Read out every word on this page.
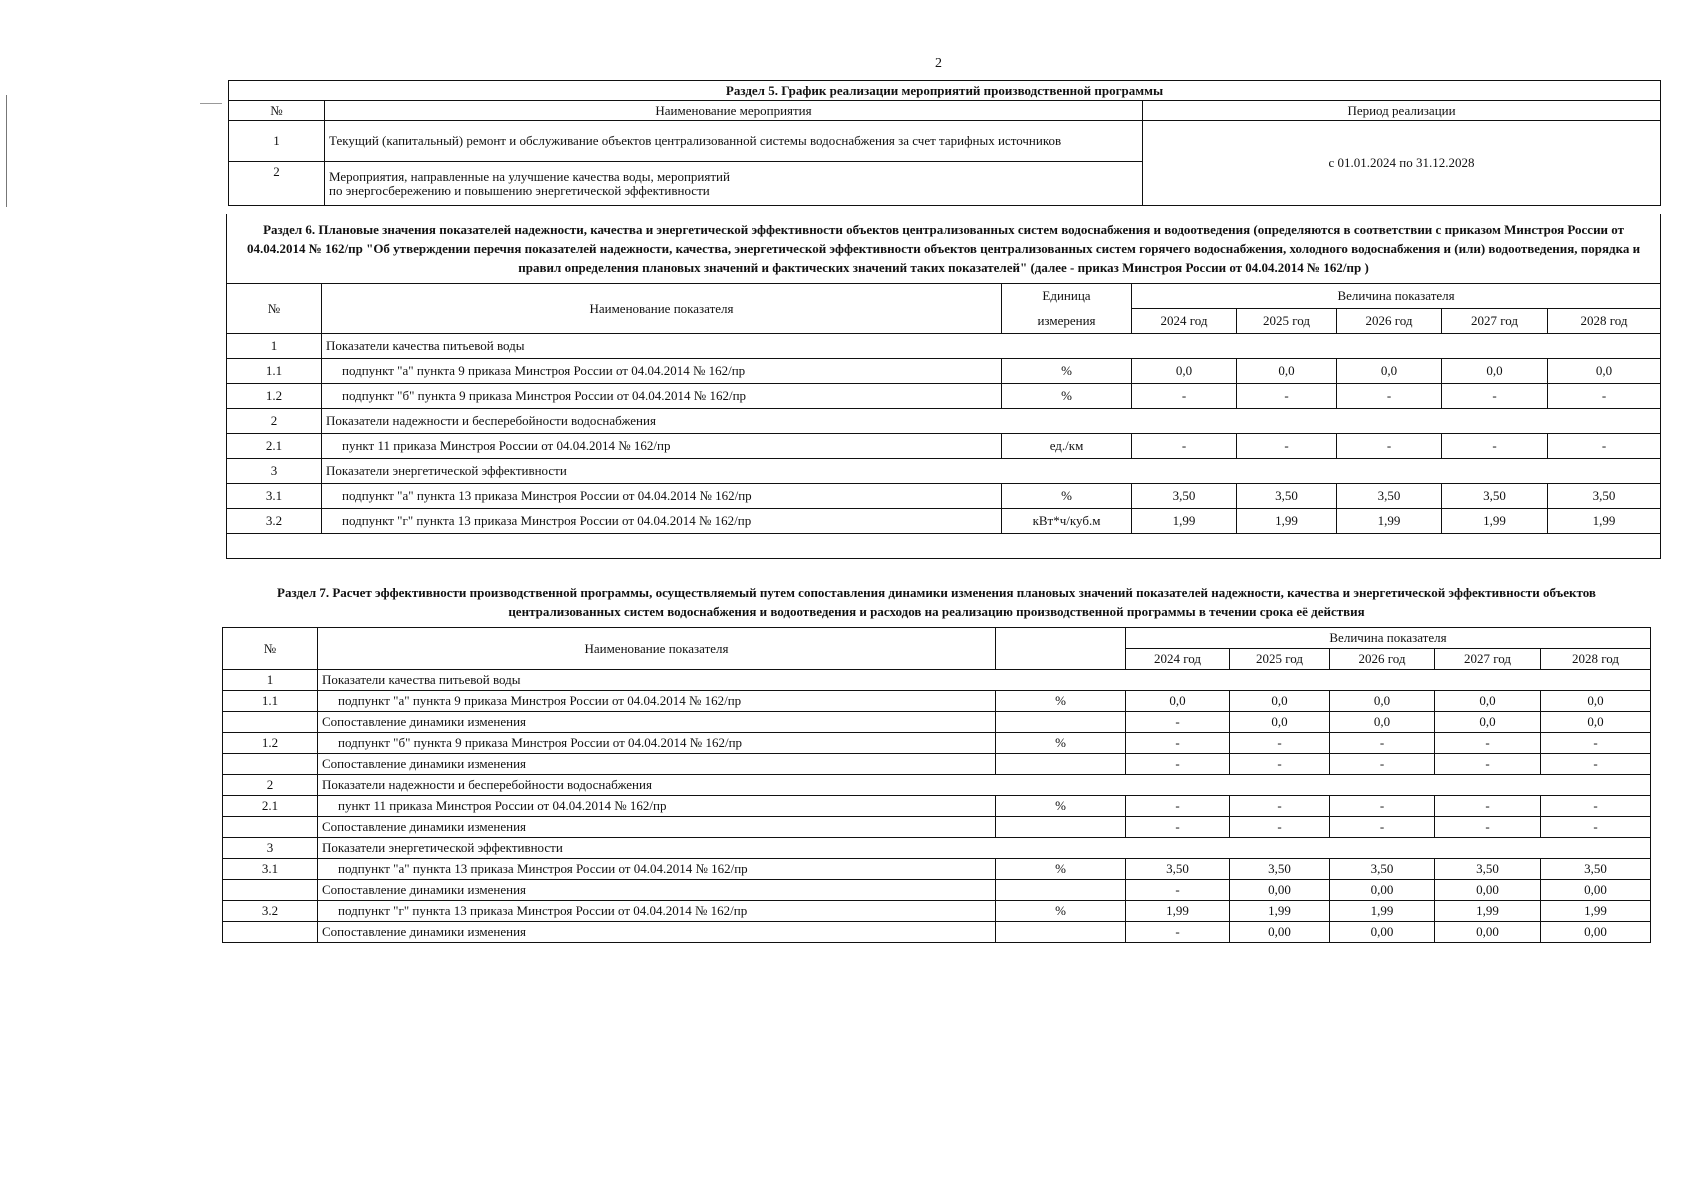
2
Раздел 5. График реализации мероприятий производственной программы		
№	Наименование мероприятия	Период реализации
1	Текущий (капитальный) ремонт и обслуживание объектов централизованной системы водоснабжения за счет тарифных источников	с 01.01.2024 по 31.12.2028
2	Мероприятия, направленные на улучшение качества воды, мероприятий
по энергосбережению и повышению энергетической эффективности	
Раздел 6. Плановые значения показателей надежности, качества и энергетической эффективности объектов централизованных систем водоснабжения и водоотведения (определяются в соответствии с приказом Минстроя России от 04.04.2014 № 162/пр "Об утверждении перечня показателей надежности, качества, энергетической эффективности объектов централизованных систем горячего водоснабжения, холодного водоснабжения и (или) водоотведения, порядка и правил определения плановых значений и фактических значений таких показателей" (далее - приказ Минстроя России от 04.04.2014 № 162/пр )								
№	Наименование показателя	Единица	Величина показателя					
		измерения	2024 год	2025 год	2026 год	2027 год	2028 год	
1	Показатели качества питьевой воды							
1.1	подпункт "а" пункта 9 приказа Минстроя России от 04.04.2014 № 162/пр	%	0,0	0,0	0,0	0,0	0,0	
1.2	подпункт "б" пункта 9 приказа Минстроя России от 04.04.2014 № 162/пр	%	-	-	-	-	-	
2	Показатели надежности и бесперебойности водоснабжения							
2.1	пункт 11 приказа Минстроя России от 04.04.2014 № 162/пр	ед./км	-	-	-	-	-	
3	Показатели энергетической эффективности							
3.1	подпункт "а" пункта 13 приказа Минстроя России от 04.04.2014 № 162/пр	%	3,50	3,50	3,50	3,50	3,50	
3.2	подпункт "г" пункта 13 приказа Минстроя России от 04.04.2014 № 162/пр	кВт*ч/куб.м	1,99	1,99	1,99	1,99	1,99	

Раздел 7. Расчет эффективности производственной программы, осуществляемый путем сопоставления динамики изменения плановых значений показателей надежности, качества и энергетической эффективности объектов централизованных систем водоснабжения и водоотведения и расходов на реализацию производственной программы в течении срока её действия								
№	Наименование показателя		Величина показателя					
			2024 год	2025 год	2026 год	2027 год	2028 год	
1	Показатели качества питьевой воды							
1.1	подпункт "а" пункта 9 приказа Минстроя России от 04.04.2014 № 162/пр	%	0,0	0,0	0,0	0,0	0,0	
	Сопоставление динамики изменения		-	0,0	0,0	0,0	0,0	
1.2	подпункт "б" пункта 9 приказа Минстроя России от 04.04.2014 № 162/пр	%	-	-	-	-	-	
	Сопоставление динамики изменения		-	-	-	-	-	
2	Показатели надежности и бесперебойности водоснабжения							
2.1	пункт 11 приказа Минстроя России от 04.04.2014 № 162/пр	%	-	-	-	-	-	
	Сопоставление динамики изменения		-	-	-	-	-	
3	Показатели энергетической эффективности							
3.1	подпункт "а" пункта 13 приказа Минстроя России от 04.04.2014 № 162/пр	%	3,50	3,50	3,50	3,50	3,50	
	Сопоставление динамики изменения		-	0,00	0,00	0,00	0,00	
3.2	подпункт "г" пункта 13 приказа Минстроя России от 04.04.2014 № 162/пр	%	1,99	1,99	1,99	1,99	1,99	
	Сопоставление динамики изменения		-	0,00	0,00	0,00	0,00	
